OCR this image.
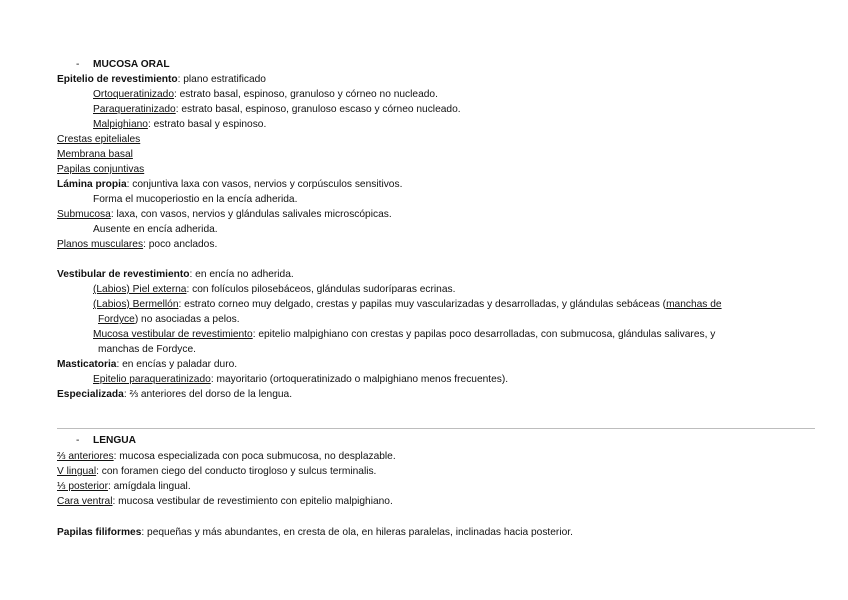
- MUCOSA ORAL
Epitelio de revestimiento: plano estratificado
Ortoqueratinizado: estrato basal, espinoso, granuloso y córneo no nucleado.
Paraqueratinizado: estrato basal, espinoso, granuloso escaso y córneo nucleado.
Malpighiano: estrato basal y espinoso.
Crestas epiteliales
Membrana basal
Papilas conjuntivas
Lámina propia: conjuntiva laxa con vasos, nervios y corpúsculos sensitivos.
Forma el mucoperiostio en la encía adherida.
Submucosa: laxa, con vasos, nervios y glándulas salivales microscópicas.
Ausente en encía adherida.
Planos musculares: poco anclados.
Vestibular de revestimiento: en encía no adherida.
(Labios) Piel externa: con folículos pilosebáceos, glándulas sudoríparas ecrinas.
(Labios) Bermellón: estrato corneo muy delgado, crestas y papilas muy vascularizadas y desarrolladas, y glándulas sebáceas (manchas de
Fordyce) no asociadas a pelos.
Mucosa vestibular de revestimiento: epitelio malpighiano con crestas y papilas poco desarrolladas, con submucosa, glándulas salivares, y
manchas de Fordyce.
Masticatoria: en encías y paladar duro.
Epitelio paraqueratinizado: mayoritario (ortoqueratinizado o malpighiano menos frecuentes).
Especializada: ⅔ anteriores del dorso de la lengua.
- LENGUA
⅔ anteriores: mucosa especializada con poca submucosa, no desplazable.
V lingual: con foramen ciego del conducto tirogloso y sulcus terminalis.
⅓ posterior: amígdala lingual.
Cara ventral: mucosa vestibular de revestimiento con epitelio malpighiano.
Papilas filiformes: pequeñas y más abundantes, en cresta de ola, en hileras paralelas, inclinadas hacia posterior.
